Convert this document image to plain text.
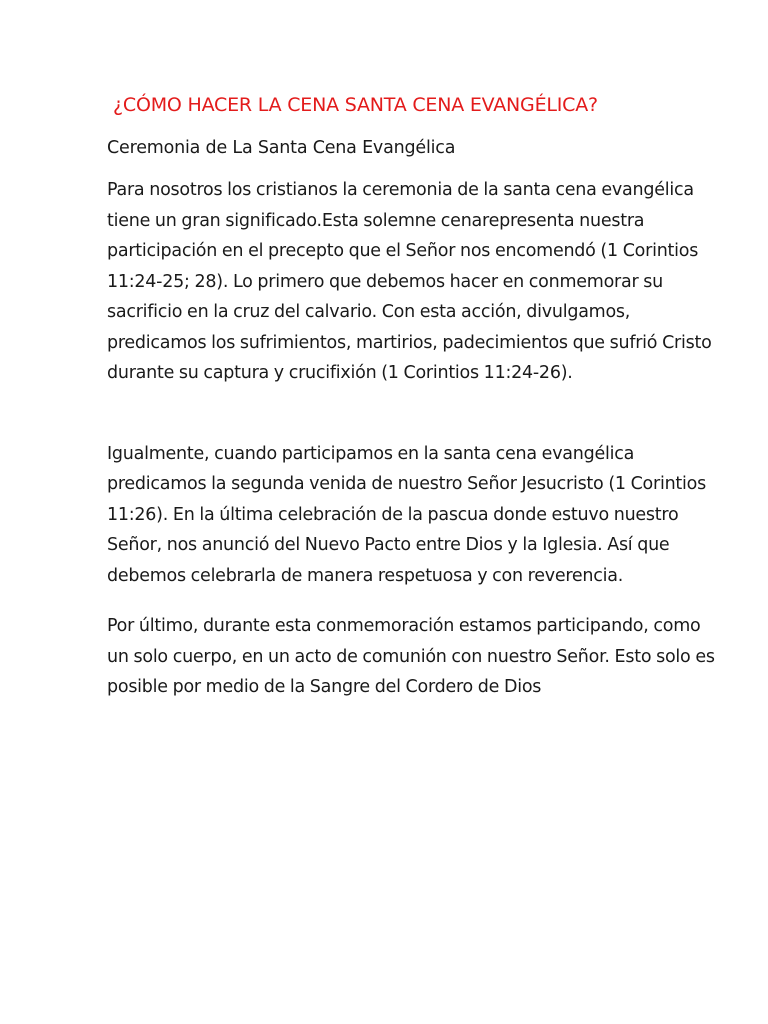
¿CÓMO HACER LA CENA SANTA CENA EVANGÉLICA?

Ceremonia de La Santa Cena Evangélica

Para nosotros los cristianos la ceremonia de la santa cena evangélica tiene un gran significado.Esta solemne cenarepresenta nuestra participación en el precepto que el Señor nos encomendó (1 Corintios 11:24-25; 28). Lo primero que debemos hacer en conmemorar su sacrificio en la cruz del calvario. Con esta acción, divulgamos, predicamos los sufrimientos, martirios, padecimientos que sufrió Cristo durante su captura y crucifixión (1 Corintios 11:24-26).

Igualmente, cuando participamos en la santa cena evangélica predicamos la segunda venida de nuestro Señor Jesucristo (1 Corintios 11:26). En la última celebración de la pascua donde estuvo nuestro Señor, nos anunció del Nuevo Pacto entre Dios y la Iglesia. Así que debemos celebrarla de manera respetuosa y con reverencia.

Por último, durante esta conmemoración estamos participando, como un solo cuerpo, en un acto de comunión con nuestro Señor. Esto solo es posible por medio de la Sangre del Cordero de Dios
